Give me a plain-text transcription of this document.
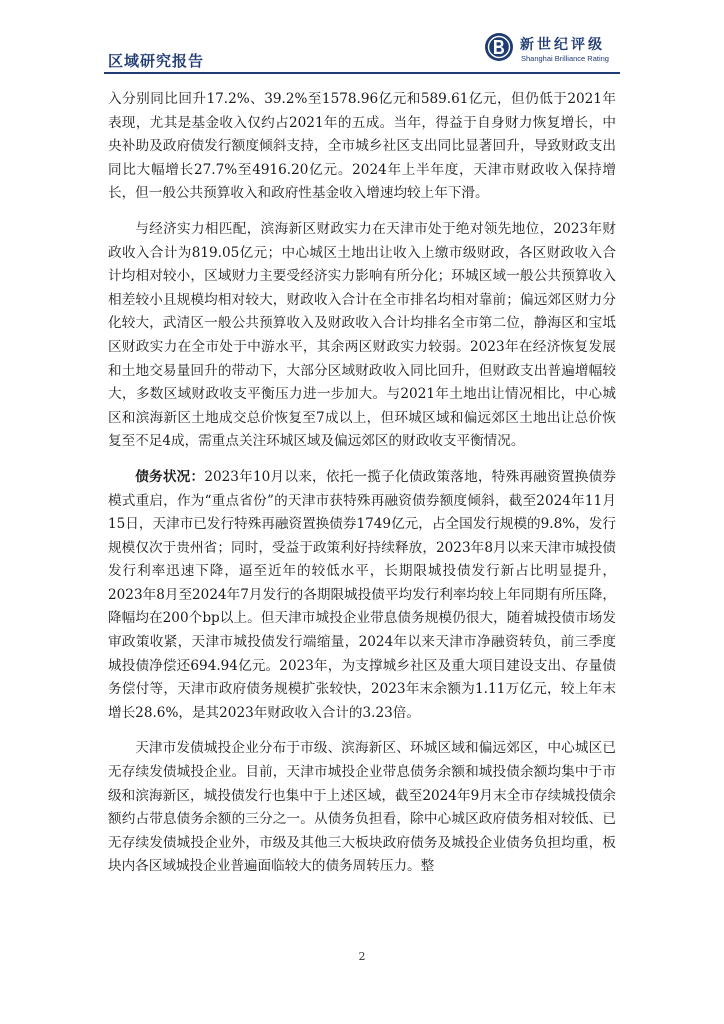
区域研究报告
新世纪评级
Shanghai Brilliance Rating

入分别同比回升17.2%、39.2%至1578.96亿元和589.61亿元，但仍低于2021年表现，尤其是基金收入仅约占2021年的五成。当年，得益于自身财力恢复增长，中央补助及政府债发行额度倾斜支持，全市城乡社区支出同比显著回升，导致财政支出同比大幅增长27.7%至4916.20亿元。2024年上半年度，天津市财政收入保持增长，但一般公共预算收入和政府性基金收入增速均较上年下滑。

与经济实力相匹配，滨海新区财政实力在天津市处于绝对领先地位，2023年财政收入合计为819.05亿元；中心城区土地出让收入上缴市级财政，各区财政收入合计均相对较小，区域财力主要受经济实力影响有所分化；环城区域一般公共预算收入相差较小且规模均相对较大，财政收入合计在全市排名均相对靠前；偏远郊区财力分化较大，武清区一般公共预算收入及财政收入合计均排名全市第二位，静海区和宝坻区财政实力在全市处于中游水平，其余两区财政实力较弱。2023年在经济恢复发展和土地交易量回升的带动下，大部分区域财政收入同比回升，但财政支出普遍增幅较大，多数区域财政收支平衡压力进一步加大。与2021年土地出让情况相比，中心城区和滨海新区土地成交总价恢复至7成以上，但环城区域和偏远郊区土地出让总价恢复至不足4成，需重点关注环城区域及偏远郊区的财政收支平衡情况。

债务状况：2023年10月以来，依托一揽子化债政策落地，特殊再融资置换债券模式重启，作为“重点省份”的天津市获特殊再融资债券额度倾斜，截至2024年11月15日，天津市已发行特殊再融资置换债券1749亿元，占全国发行规模的9.8%，发行规模仅次于贵州省；同时，受益于政策利好持续释放，2023年8月以来天津市城投债发行利率迅速下降，逼至近年的较低水平，长期限城投债发行新占比明显提升，2023年8月至2024年7月发行的各期限城投债平均发行利率均较上年同期有所压降，降幅均在200个bp以上。但天津市城投企业带息债务规模仍很大，随着城投债市场发审政策收紧，天津市城投债发行端缩量，2024年以来天津市净融资转负，前三季度城投债净偿还694.94亿元。2023年，为支撑城乡社区及重大项目建设支出、存量债务偿付等，天津市政府债务规模扩张较快，2023年末余额为1.11万亿元，较上年末增长28.6%，是其2023年财政收入合计的3.23倍。

天津市发债城投企业分布于市级、滨海新区、环城区域和偏远郊区，中心城区已无存续发债城投企业。目前，天津市城投企业带息债务余额和城投债余额均集中于市级和滨海新区，城投债发行也集中于上述区域，截至2024年9月末全市存续城投债余额约占带息债务余额的三分之一。从债务负担看，除中心城区政府债务相对较低、已无存续发债城投企业外，市级及其他三大板块政府债务及城投企业债务负担均重，板块内各区域城投企业普遍面临较大的债务周转压力。整

2
